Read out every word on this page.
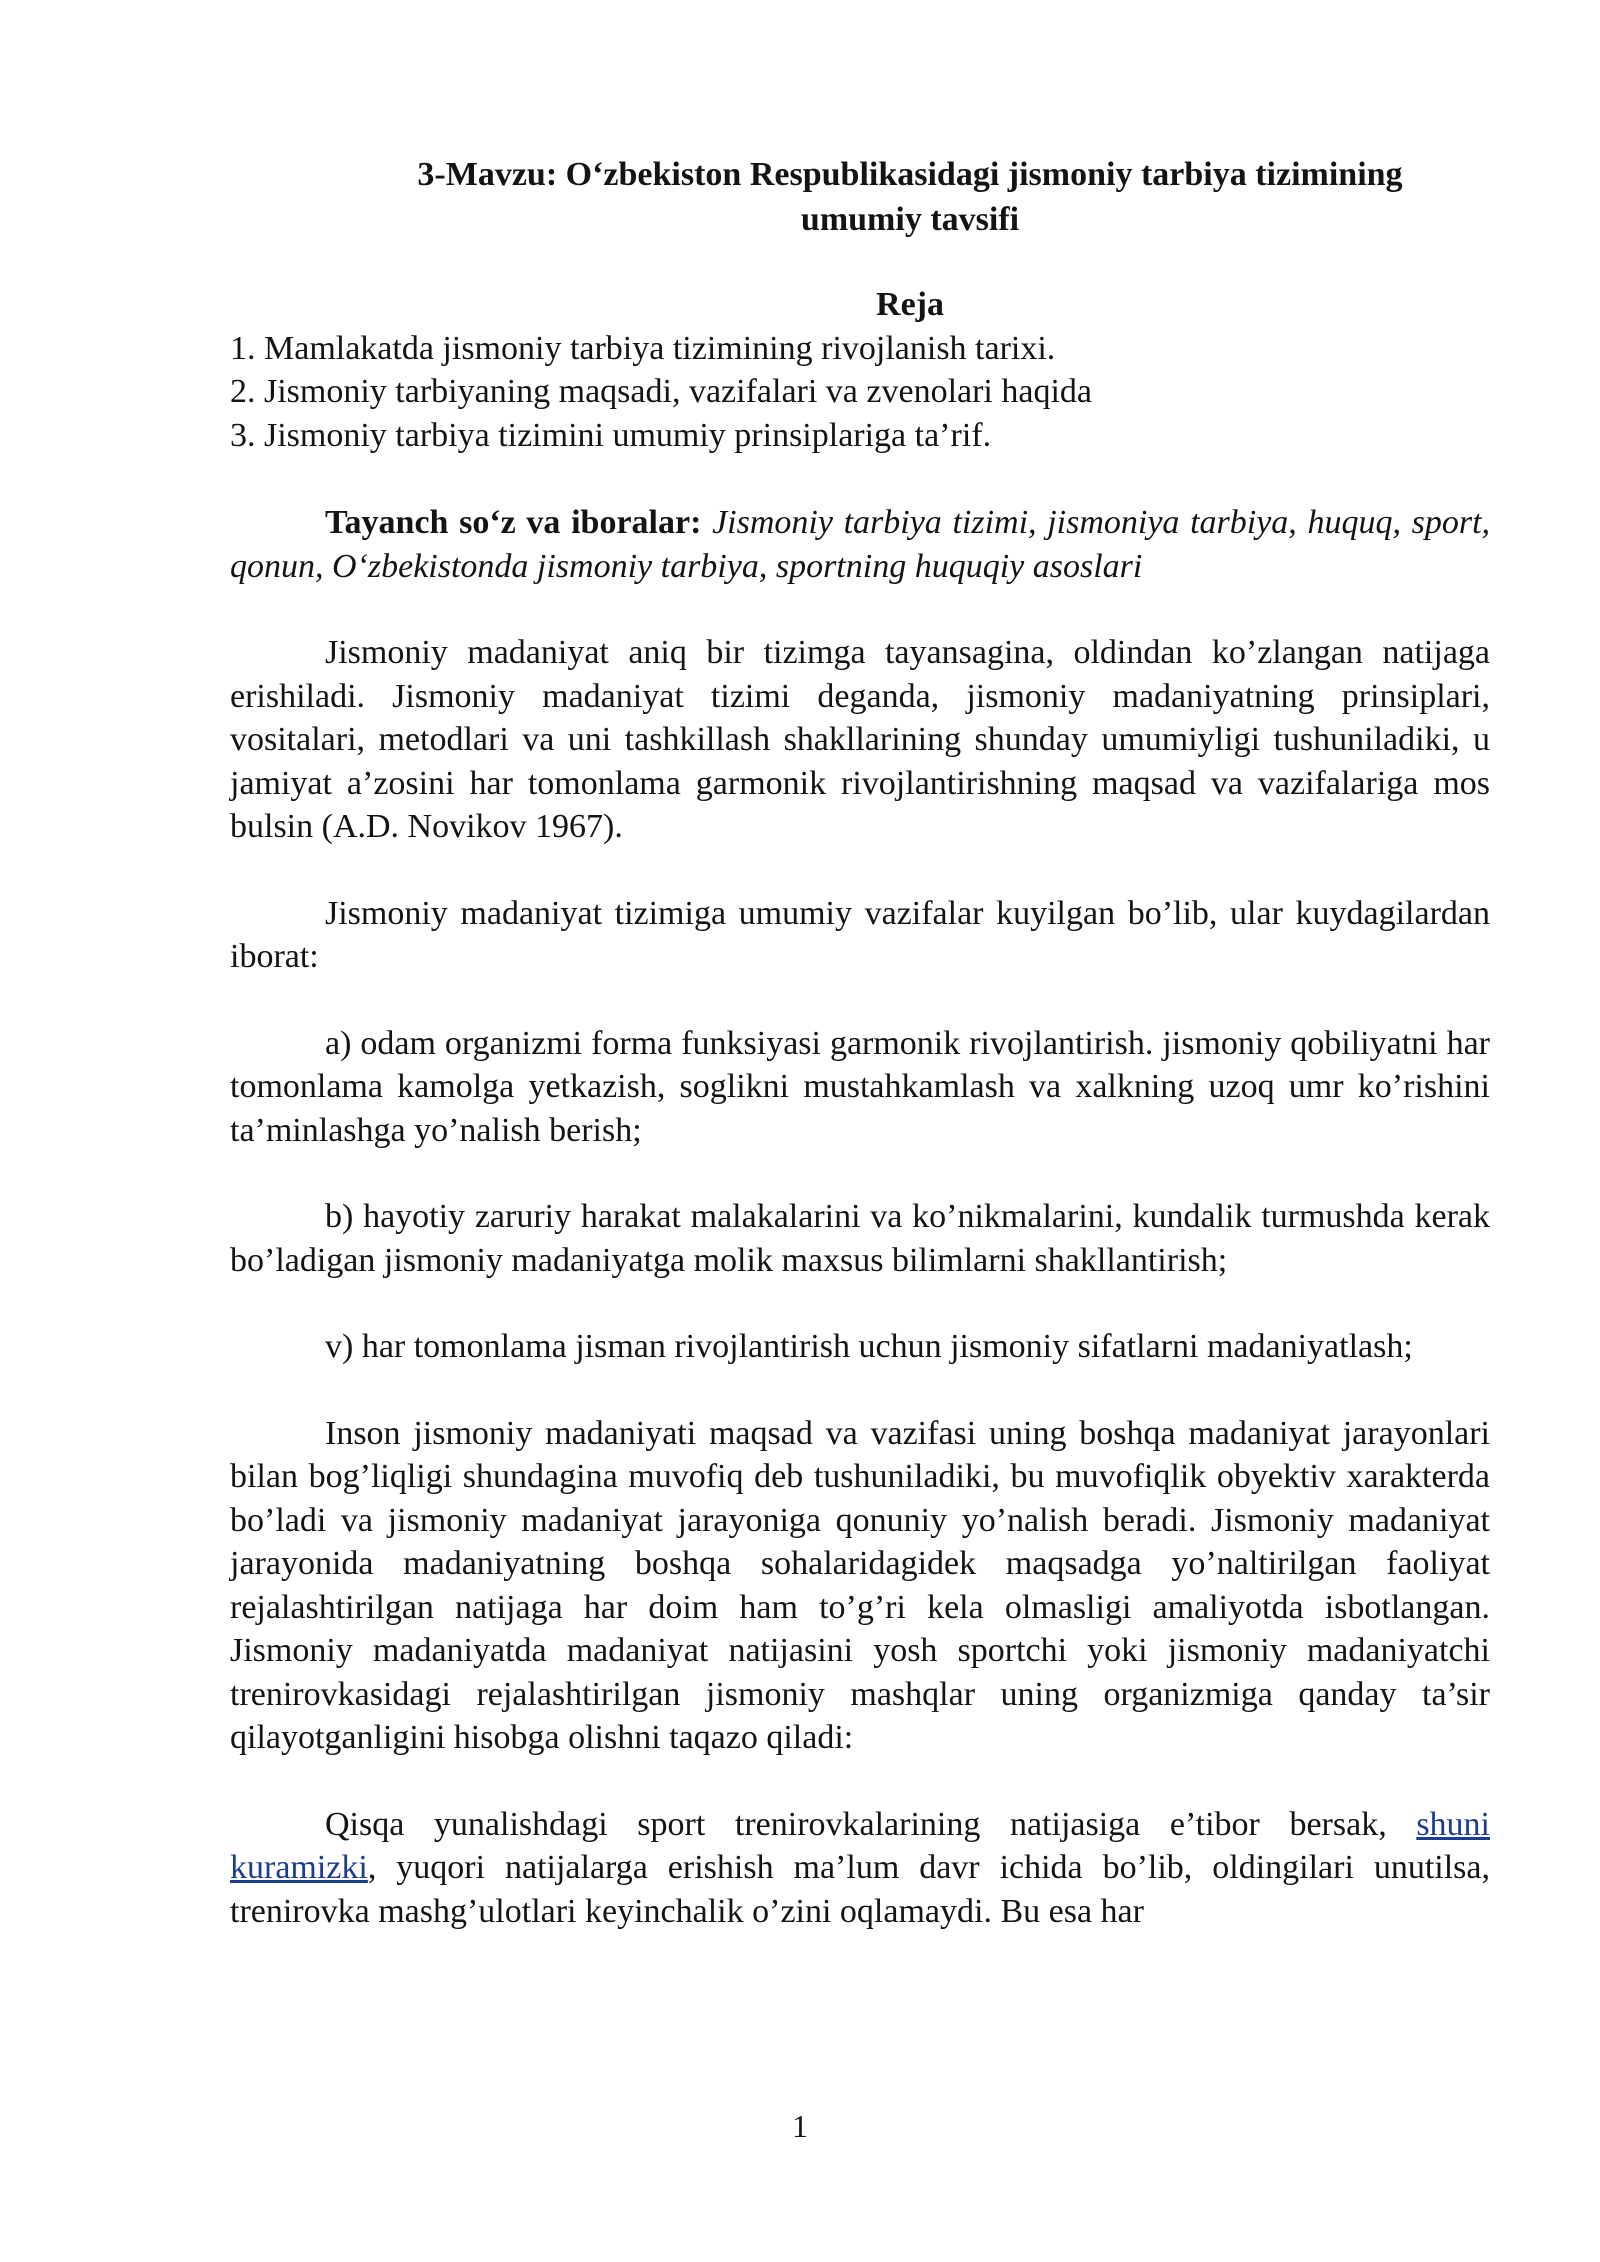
3-Mavzu: O‘zbekiston Respublikasidagi jismoniy tarbiya tizimining
umumiy tavsifi
Reja
1. Mamlakatda jismoniy tarbiya tizimining rivojlanish tarixi.
2. Jismoniy tarbiyaning maqsadi, vazifalari va zvenolari haqida
3. Jismoniy tarbiya tizimini umumiy prinsiplariga ta’rif.

Tayanch so‘z va iboralar: Jismoniy tarbiya tizimi, jismoniya tarbiya, huquq, sport, qonun, O‘zbekistonda jismoniy tarbiya, sportning huquqiy asoslari

Jismoniy madaniyat aniq bir tizimga tayansagina, oldindan ko’zlangan natijaga erishiladi. Jismoniy madaniyat tizimi deganda, jismoniy madaniyatning prinsiplari, vositalari, metodlari va uni tashkillash shakllarining shunday umumiyligi tushuniladiki, u jamiyat a’zosini har tomonlama garmonik rivojlantirishning maqsad va vazifalariga mos bulsin (A.D. Novikov 1967).

Jismoniy madaniyat tizimiga umumiy vazifalar kuyilgan bo’lib, ular kuydagilardan iborat:

a) odam organizmi forma funksiyasi garmonik rivojlantirish. jismoniy qobiliyatni har tomonlama kamolga yetkazish, soglikni mustahkamlash va xalkning uzoq umr ko’rishini ta’minlashga yo’nalish berish;

b) hayotiy zaruriy harakat malakalarini va ko’nikmalarini, kundalik turmushda kerak bo’ladigan jismoniy madaniyatga molik maxsus bilimlarni shakllantirish;

v) har tomonlama jisman rivojlantirish uchun jismoniy sifatlarni madaniyatlash;

Inson jismoniy madaniyati maqsad va vazifasi uning boshqa madaniyat jarayonlari bilan bog’liqligi shundagina muvofiq deb tushuniladiki, bu muvofiqlik obyektiv xarakterda bo’ladi va jismoniy madaniyat jarayoniga qonuniy yo’nalish beradi. Jismoniy madaniyat jarayonida madaniyatning boshqa sohalaridagidek maqsadga yo’naltirilgan faoliyat rejalashtirilgan natijaga har doim ham to’g’ri kela olmasligi amaliyotda isbotlangan. Jismoniy madaniyatda madaniyat natijasini yosh sportchi yoki jismoniy madaniyatchi trenirovkasidagi rejalashtirilgan jismoniy mashqlar uning organizmiga qanday ta’sir qilayotganligini hisobga olishni taqazo qiladi:

Qisqa yunalishdagi sport trenirovkalarining natijasiga e’tibor bersak, shuni kuramizki, yuqori natijalarga erishish ma’lum davr ichida bo’lib, oldingilari unutilsa, trenirovka mashg’ulotlari keyinchalik o’zini oqlamaydi. Bu esa har

1
